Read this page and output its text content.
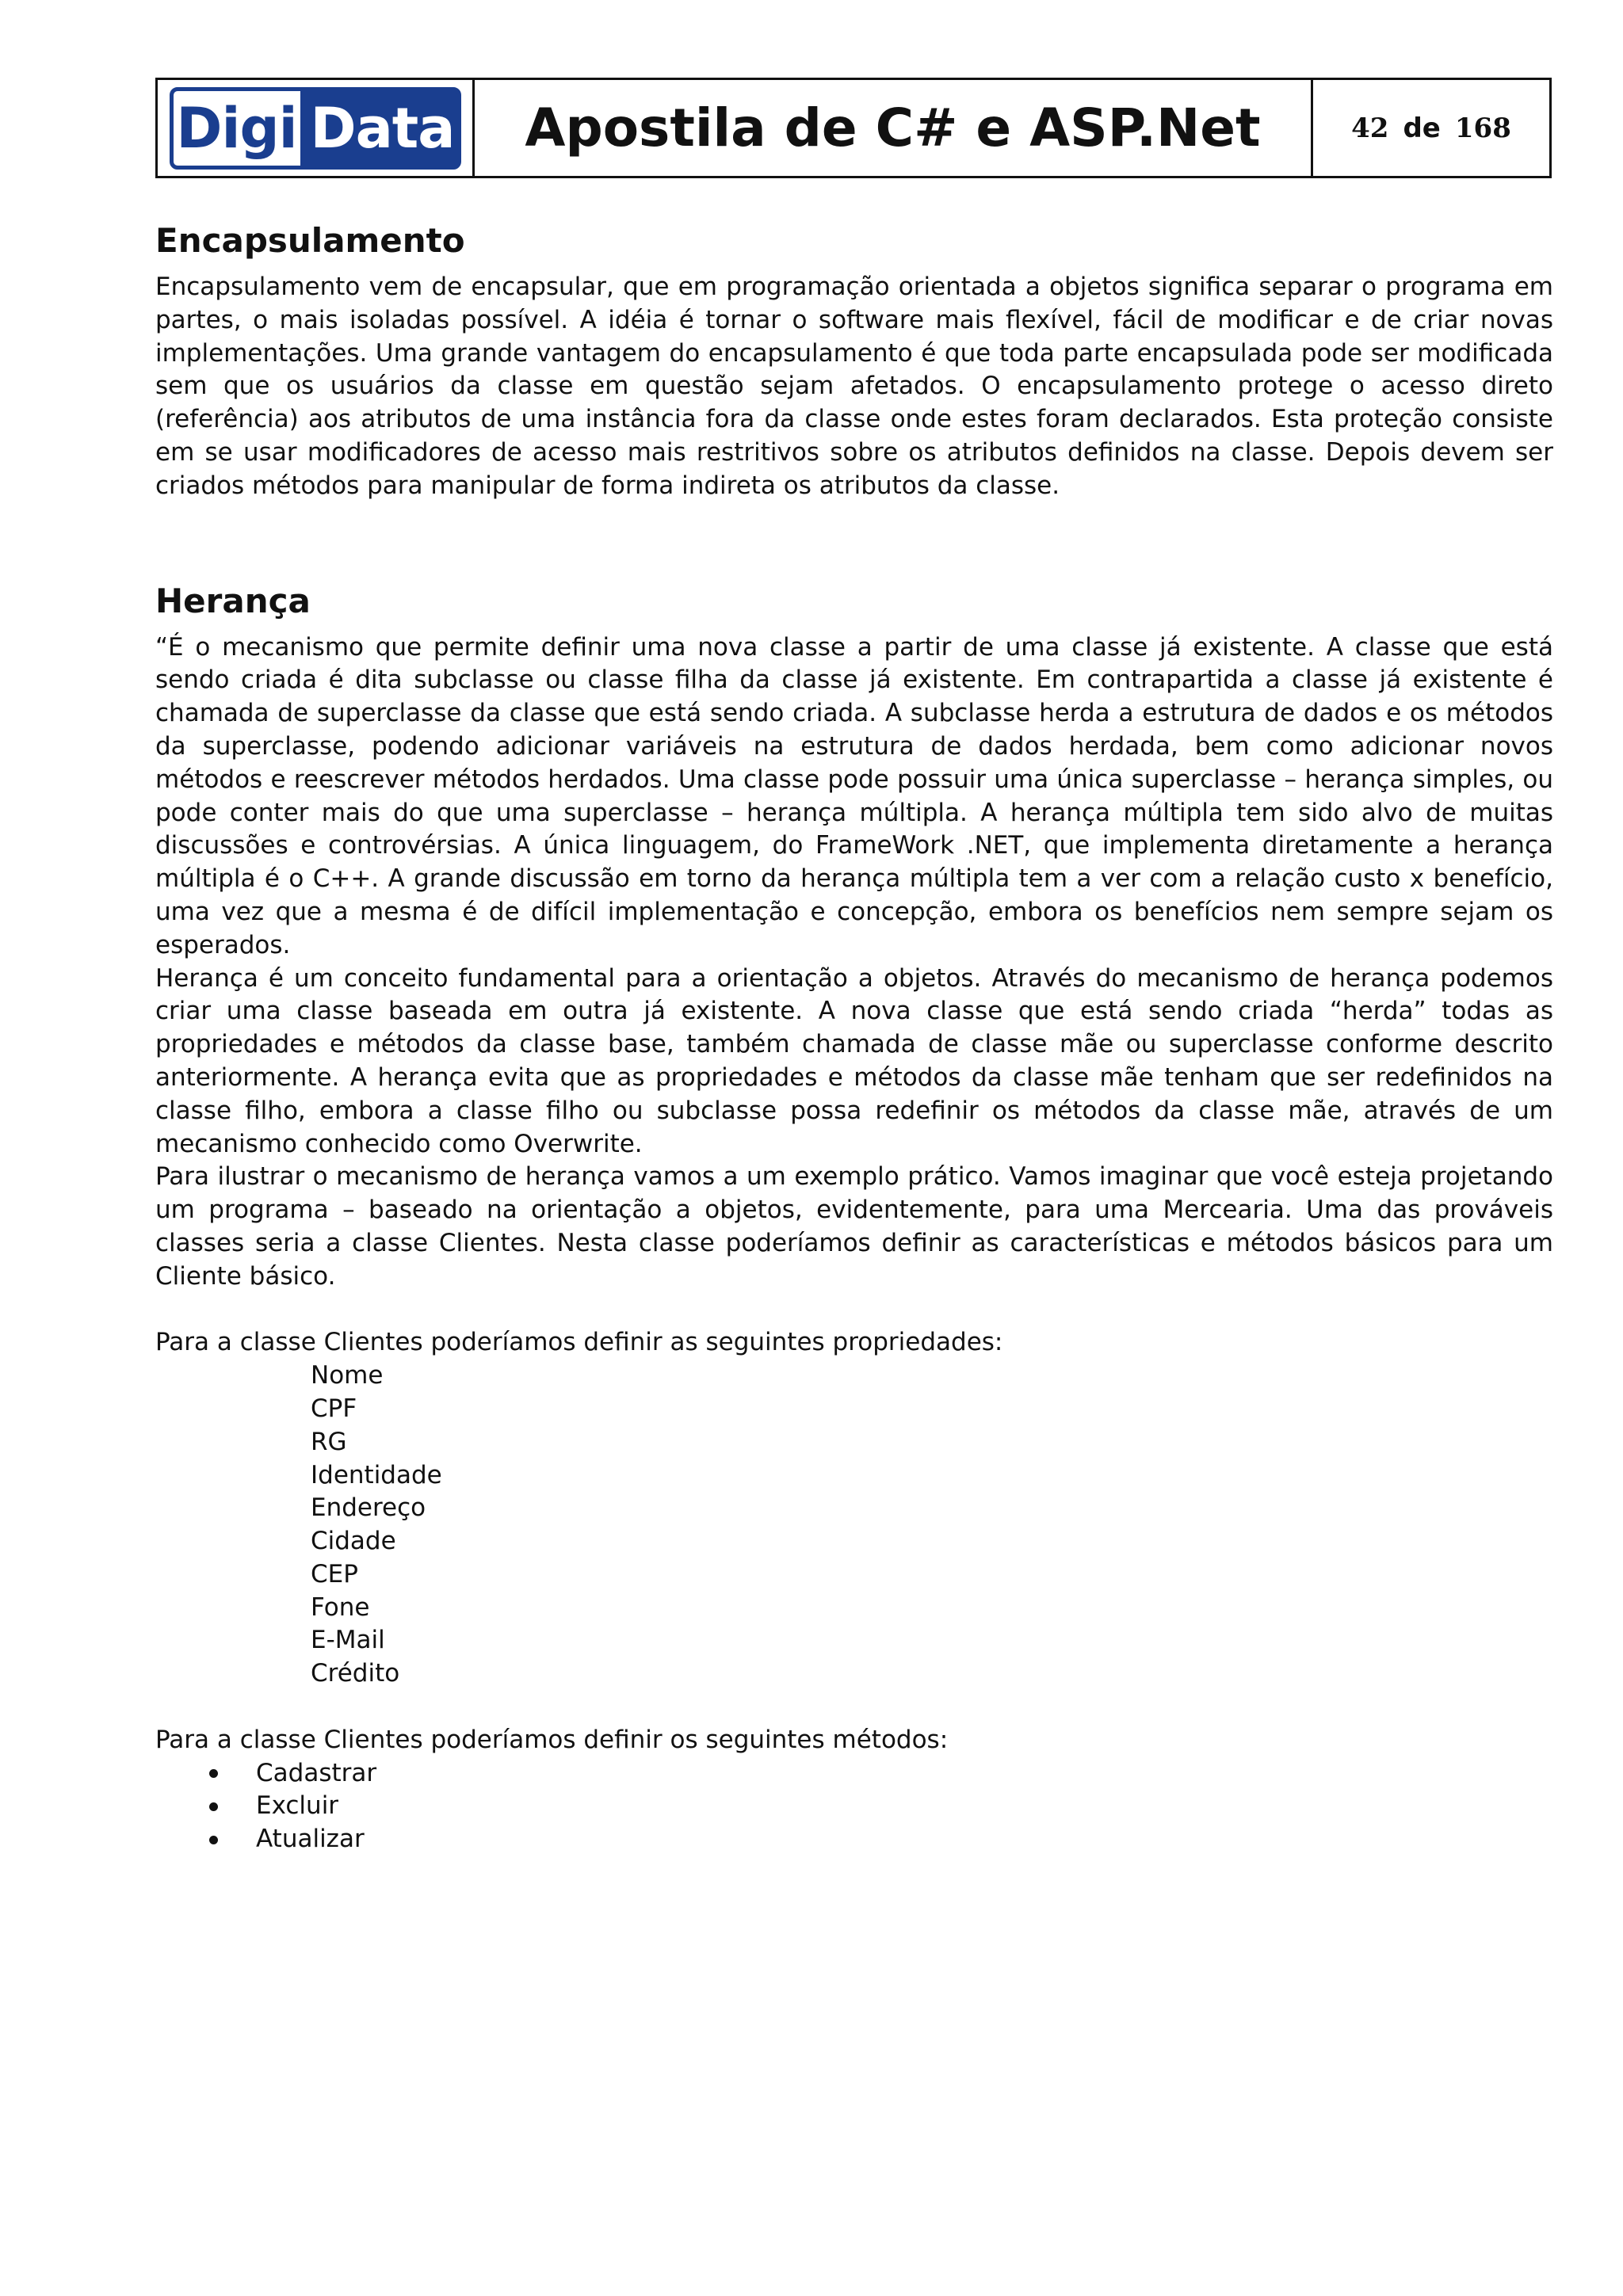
Digi Data Apostila de C# e ASP.Net	42 de 168
Encapsulamento

Encapsulamento vem de encapsular, que em programação orientada a objetos significa separar o programa em partes, o mais isoladas possível. A idéia é tornar o software mais flexível, fácil de modificar e de criar novas implementações. Uma grande vantagem do encapsulamento é que toda parte encapsulada pode ser modificada sem que os usuários da classe em questão sejam afetados. O encapsulamento protege o acesso direto (referência) aos atributos de uma instância fora da classe onde estes foram declarados. Esta proteção consiste em se usar modificadores de acesso mais restritivos sobre os atributos definidos na classe. Depois devem ser criados métodos para manipular de forma indireta os atributos da classe.

Herança

“É o mecanismo que permite definir uma nova classe a partir de uma classe já existente. A classe que está sendo criada é dita subclasse ou classe filha da classe já existente. Em contrapartida a classe já existente é chamada de superclasse da classe que está sendo criada. A subclasse herda a estrutura de dados e os métodos da superclasse, podendo adicionar variáveis na estrutura de dados herdada, bem como adicionar novos métodos e reescrever métodos herdados. Uma classe pode possuir uma única superclasse – herança simples, ou pode conter mais do que uma superclasse – herança múltipla. A herança múltipla tem sido alvo de muitas discussões e controvérsias. A única linguagem, do FrameWork .NET, que implementa diretamente a herança múltipla é o C++. A grande discussão em torno da herança múltipla tem a ver com a relação custo x benefício, uma vez que a mesma é de difícil implementação e concepção, embora os benefícios nem sempre sejam os esperados.

Herança é um conceito fundamental para a orientação a objetos. Através do mecanismo de herança podemos criar uma classe baseada em outra já existente. A nova classe que está sendo criada “herda” todas as propriedades e métodos da classe base, também chamada de classe mãe ou superclasse conforme descrito anteriormente. A herança evita que as propriedades e métodos da classe mãe tenham que ser redefinidos na classe filho, embora a classe filho ou subclasse possa redefinir os métodos da classe mãe, através de um mecanismo conhecido como Overwrite.

Para ilustrar o mecanismo de herança vamos a um exemplo prático. Vamos imaginar que você esteja projetando um programa – baseado na orientação a objetos, evidentemente, para uma Mercearia. Uma das prováveis classes seria a classe Clientes. Nesta classe poderíamos definir as características e métodos básicos para um Cliente básico.

Para a classe Clientes poderíamos definir as seguintes propriedades:

Nome
CPF
RG
Identidade
Endereço
Cidade
CEP
Fone
E-Mail
Crédito

Para a classe Clientes poderíamos definir os seguintes métodos:

Cadastrar
Excluir
Atualizar
